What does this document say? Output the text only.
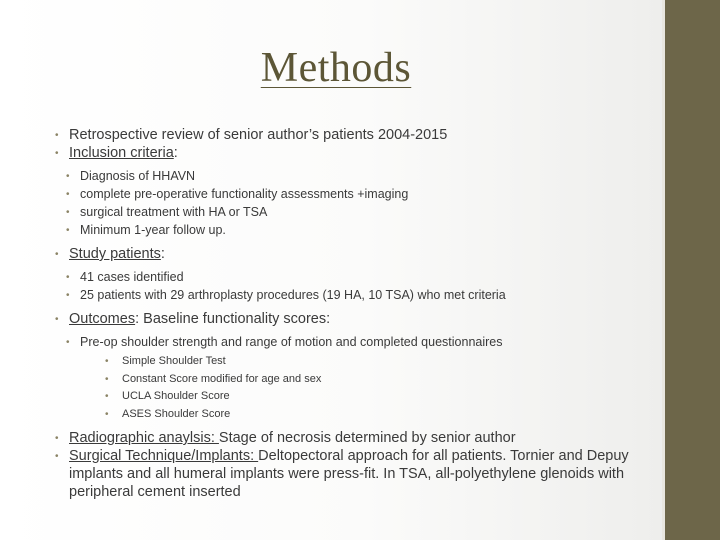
Methods
• Retrospective review of senior author’s patients 2004-2015
• Inclusion criteria:
• Diagnosis of HHAVN
• complete pre-operative functionality assessments +imaging
• surgical treatment with HA or TSA
• Minimum 1-year follow up.
• Study patients:
• 41 cases identified
• 25 patients with 29 arthroplasty procedures (19 HA, 10 TSA) who met criteria
• Outcomes: Baseline functionality scores:
• Pre-op shoulder strength and range of motion and completed questionnaires
• Simple Shoulder Test
• Constant Score modified for age and sex
• UCLA Shoulder Score
• ASES Shoulder Score
• Radiographic anaylsis: Stage of necrosis determined by senior author
• Surgical Technique/Implants: Deltopectoral approach for all patients. Tornier and Depuy implants and all humeral implants were press-fit. In TSA, all-polyethylene glenoids with peripheral cement inserted
